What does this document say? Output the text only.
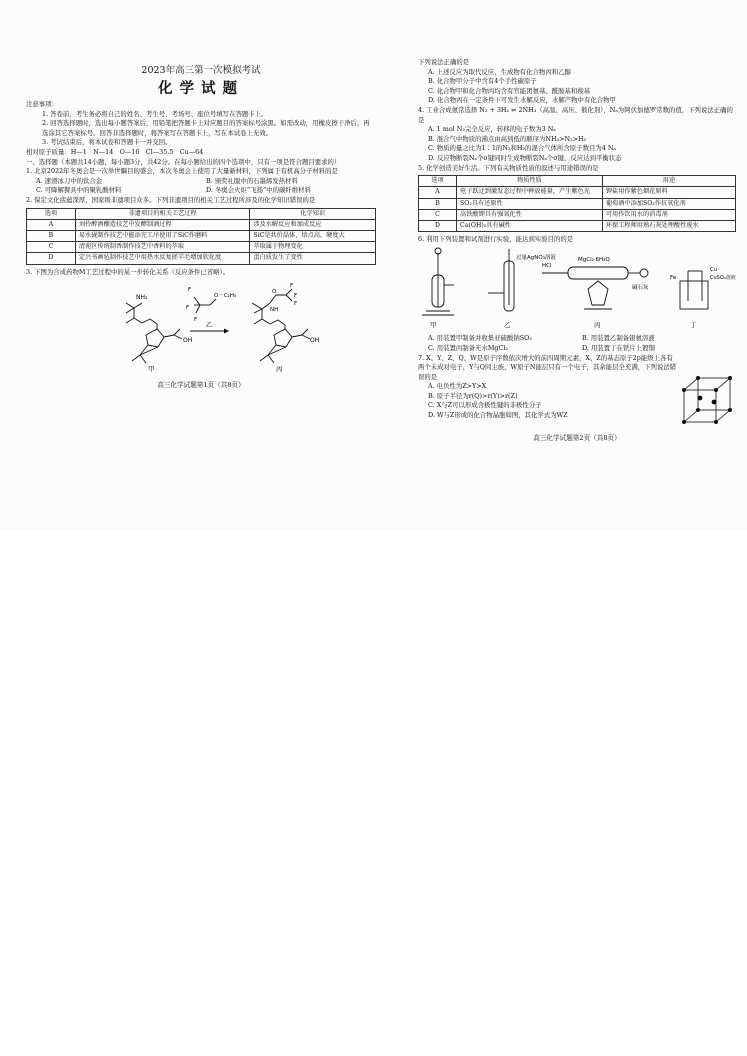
2023年高三第一次模拟考试
化学试题
注意事项：
1. 答卷前，考生务必将自己的姓名、考生号、考场号、座位号填写在答题卡上。
2. 回答选择题时，选出每小题答案后，用铅笔把答题卡上对应题目的答案标号涂黑。如需改动，用橡皮擦干净后，再选涂其它答案标号。回答非选择题时，将答案写在答题卡上，写在本试卷上无效。
3. 考试结束后，将本试卷和答题卡一并交回。
相对原子质量：H—1　N—14　O—16　Cl—35.5　Cu—64
一、选择题（本题共14小题，每小题3分，共42分。在每小题给出的四个选项中，只有一项是符合题目要求的）
1. 北京2022年冬奥会是一次举世瞩目的盛会，本次冬奥会上使用了大量新材料，下列属于有机高分子材料的是
A. 速滑冰刀中的钛合金	B. 颁奖礼服中的石墨烯发热材料
C. 可降解餐具中的聚乳酸材料	D. 冬奥会火炬“飞扬”中的碳纤维材料
2. 保定文化底蕴深厚，国家级非遗项目众多。下列非遗项目的相关工艺过程所涉及的化学知识错误的是
选项	非遗项目的相关工艺过程	化学知识
A	刘伶醉酒酿造技艺中发酵制酒过程	涉及水解反应和加成反应
B	易水砚制作技艺中能添充工序使用了SiC作磨料	SiC是共价晶体，熔点高，硬度大
C	清苑区传统制香制作技艺中香料的萃取	萃取属于物理变化
D	定兴书画毡制作技艺中用热水反复搓羊毛增加软化度	蛋白质发生了变性
3. 下图为合成药物M工艺过程中的某一步转化关系（反应条件已省略）。
NH₂
OH
甲
F
F
F
O－C₂H₅
乙
F
F
F
NH
O
OH
丙
高三化学试题第1页（共8页）
下列说法正确的是
A. 上述反应为取代反应，生成物有化合物丙和乙醇
B. 化合物甲分子中含有4个手性碳原子
C. 化合物甲和化合物丙均含有官能团氨基、酰胺基和羧基
D. 化合物丙在一定条件下可发生水解反应，水解产物中有化合物甲
4. 工业合成氨常选择 N₂ + 3H₂ ⇌ 2NH₃（高温、高压、催化剂），Nₐ为阿伏加德罗常数的值，下列说法正确的是
A. 1 mol N₂完全反应，转移的电子数为3 Nₐ
B. 混合气中物质的沸点由高到低的顺序为NH₃>N₂>H₂
C. 物质的量之比为1∶1的N₂和H₂的混合气体所含原子数目为4 Nₐ
D. 反应物断裂Nₐ个σ键同时生成物断裂Nₐ个σ键，反应达到平衡状态
5. 化学创造美好生活。下列有关物质性质的叙述与用途错误的是
选项	物质性质	用途
A	电子跃迁到激发态过程中释放能量，产生紫色光	钾盐用作紫色烟花原料
B	SO₂具有还原性	葡萄酒中添加SO₂作抗氧化剂
C	高铁酸钾具有强氧化性	可用作饮用水的消毒剂
D	Ca(OH)₂具有碱性	环保工程师用熟石灰处理酸性废水
6. 利用下列装置和试剂进行实验，能达到实验目的的是
甲
过量AgNO₃溶液
乙
HCl
MgCl₂·6H₂O
碱石灰
丙
Fe
Cu
CuSO₄溶液
丁
A. 用装置甲制备并收集亚硫酸钠SO₂	B. 用装置乙制备银氨溶液
C. 用装置丙制备无水MgCl₂	D. 用装置丁在铁片上镀铜
7. X、Y、Z、Q、W是原子序数依次增大的前四周期元素，X、Z的基态原子2p能级上各有两个未成对电子，Y与Q同主族，W原子N能层只有一个电子，其余能层全充满，下列说法错误的是
A. 电负性为Z>Y>X
B. 原子半径为r(Q)>r(Y)>r(Z)
C. X与Z可以形成含极性键的非极性分子
D. W与Z形成的化合物晶胞如图，其化学式为WZ
高三化学试题第2页（共8页）
